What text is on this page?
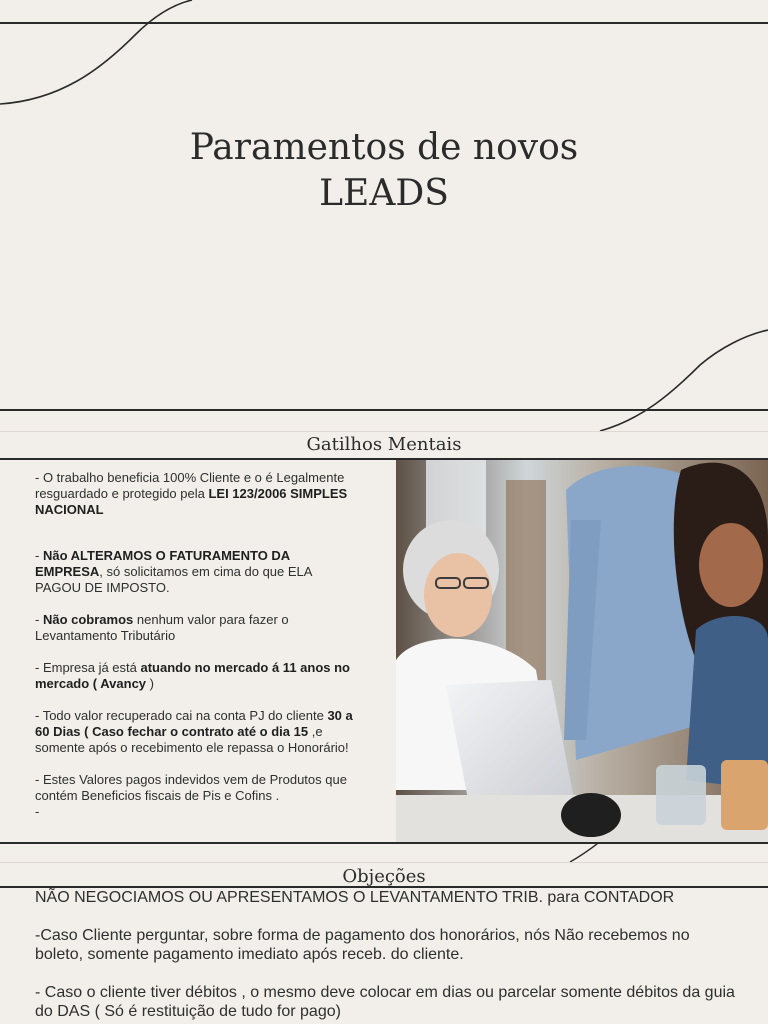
Paramentos de novos
LEADS
Gatilhos Mentais

- O trabalho beneficia 100% Cliente e o é Legalmente resguardado e protegido pela LEI 123/2006 SIMPLES NACIONAL

- Não ALTERAMOS O FATURAMENTO DA EMPRESA, só solicitamos em cima do que ELA PAGOU DE IMPOSTO.

- Não cobramos nenhum valor para fazer o Levantamento Tributário

- Empresa já está atuando no mercado á 11 anos no mercado ( Avancy )

- Todo valor recuperado cai na conta PJ do cliente 30 a 60 Dias ( Caso fechar o contrato até o dia 15 ,e somente após o recebimento ele repassa o Honorário!

- Estes Valores pagos indevidos vem de Produtos que contém Beneficios fiscais de Pis e Cofins .

-

Objeções

NÃO NEGOCIAMOS OU APRESENTAMOS O LEVANTAMENTO TRIB. para CONTADOR

-Caso Cliente perguntar, sobre forma de pagamento dos honorários, nós Não recebemos no boleto, somente pagamento imediato após receb. do cliente.

- Caso o cliente tiver débitos , o mesmo deve colocar em dias ou parcelar somente débitos da guia do DAS ( Só é restituição de tudo for pago)
